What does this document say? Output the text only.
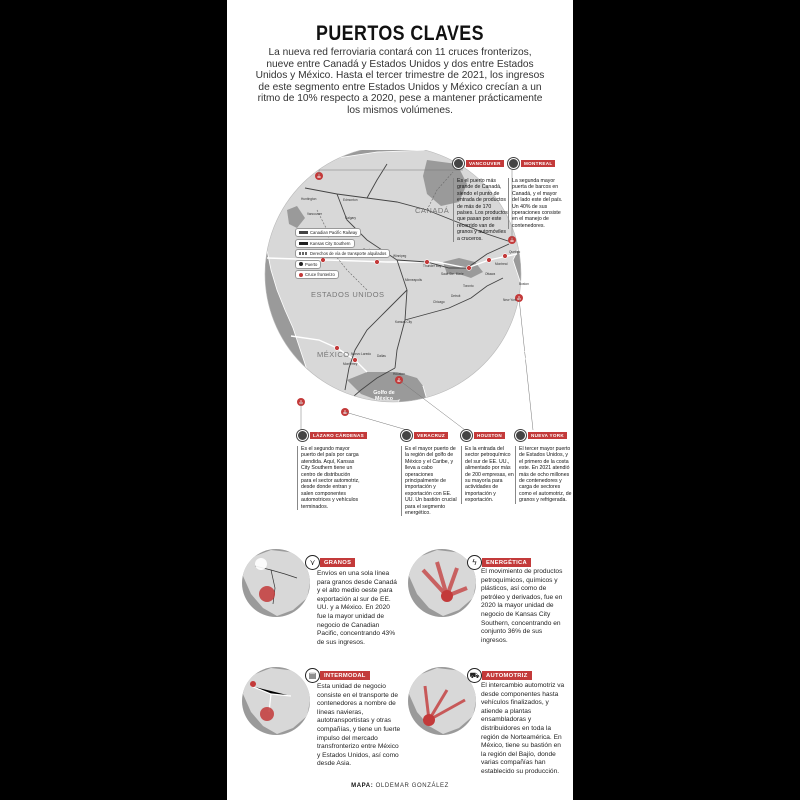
PUERTOS CLAVES
La nueva red ferroviaria contará con 11 cruces fronterizos, nueve entre Canadá y Estados Unidos y dos entre Estados Unidos y México. Hasta el tercer trimestre de 2021, los ingresos de este segmento entre Estados Unidos y México crecían a un ritmo de 10% respecto a 2020, pese a mantener prácticamente los mismos volúmenes.
CANADÁ
ESTADOS UNIDOS
MÉXICO
Océano Pacífico
Océano Atlántico
Golfo de México
Huntington	Edmonton
Vancouver
Calgary
Winnipeg
Toronto
Montreal
Ottawa
Chicago
Detroit
Minneapolis
Kansas City
Dallas
Houston
Monterrey
Nuevo Laredo
New York
Boston
Quebec
Thunder Bay
Sault Ste. Marie
Canadian Pacific Railway
Kansas City Southern
Derechos de vía de transporte alquilados
Puerto
Cruce fronterizo
VANCOUVER
Es el puerto más grande de Canadá, siendo el punto de entrada de productos de más de 170 países. Los productos que pasan por este recorrido van de granos y automóviles a cruceros.
MONTREAL
La segunda mayor puerta de barcos en Canadá, y el mayor del lado este del país. Un 40% de sus operaciones consiste en el manejo de contenedores.
LÁZARO CÁRDENAS
Es el segundo mayor puerto del país por carga atendida. Aquí, Kansas City Southern tiene un centro de distribución para el sector automotriz, desde donde entran y salen componentes automotrices y vehículos terminados.
VERACRUZ
Es el mayor puerto de la región del golfo de México y el Caribe, y lleva a cabo operaciones principalmente de importación y exportación con EE. UU. Un bastión crucial para el segmento energético.
HOUSTON
Es la entrada del sector petroquímico del sur de EE. UU., alimentado por más de 200 empresas, en su mayoría para actividades de importación y exportación.
NUEVA YORK
El tercer mayor puerto de Estados Unidos, y el primero de la costa este. En 2021 atendió más de ocho millones de contenedores y carga de sectores como el automotriz, de granos y refrigerada.
⋎	GRANOS
Envíos en una sola línea para granos desde Canadá y el alto medio oeste para exportación al sur de EE. UU. y a México. En 2020 fue la mayor unidad de negocio de Canadian Pacific, concentrando 43% de sus ingresos.
ϟ	ENERGÉTICA
El movimiento de productos petroquímicos, químicos y plásticos, así como de petróleo y derivados, fue en 2020 la mayor unidad de negocio de Kansas City Southern, concentrando en conjunto 36% de sus ingresos.
▤	INTERMODAL
Esta unidad de negocio consiste en el transporte de contenedores a nombre de líneas navieras, autotransportistas y otras compañías, y tiene un fuerte impulso del mercado transfronterizo entre México y Estados Unidos, así como desde Asia.
⛟	AUTOMOTRIZ
El intercambio automotriz va desde componentes hasta vehículos finalizados, y atiende a plantas ensambladoras y distribuidores en toda la región de Norteamérica. En México, tiene su bastión en la región del Bajío, donde varias compañías han establecido su producción.
MAPA: OLDEMAR GONZÁLEZ
